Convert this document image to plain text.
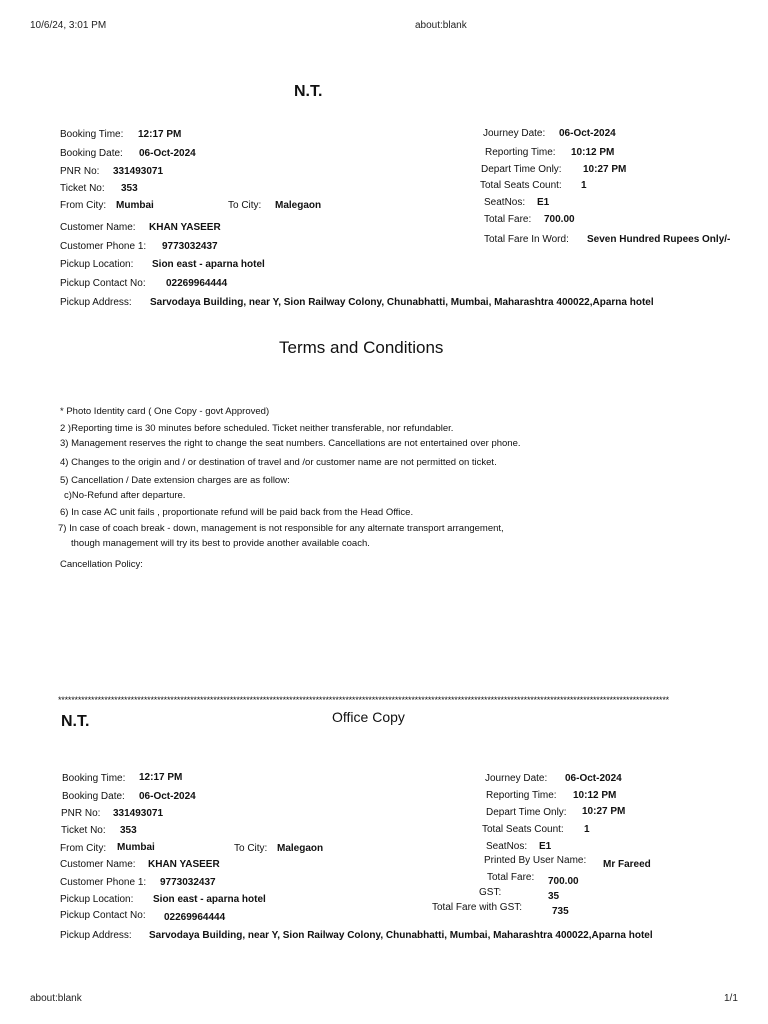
10/6/24, 3:01 PM	about:blank
about:blank	1/1
N.T.
Booking Time: 12:17 PM
Booking Date: 06-Oct-2024
PNR No: 331493071
Ticket No: 353
From City: Mumbai	To City: Malegaon
Customer Name: KHAN YASEER
Customer Phone 1: 9773032437
Pickup Location: Sion east - aparna hotel
Pickup Contact No: 02269964444
Pickup Address: Sarvodaya Building, near Y, Sion Railway Colony, Chunabhatti, Mumbai, Maharashtra 400022,Aparna hotel
Journey Date: 06-Oct-2024
Reporting Time: 10:12 PM
Depart Time Only: 10:27 PM
Total Seats Count: 1
SeatNos: E1
Total Fare: 700.00
Total Fare In Word: Seven Hundred Rupees Only/-
Terms and Conditions
* Photo Identity card ( One Copy - govt Approved)
2 )Reporting time is 30 minutes before scheduled. Ticket neither transferable, nor refundabler.
3) Management reserves the right to change the seat numbers. Cancellations are not entertained over phone.
4) Changes to the origin and / or destination of travel and /or customer name are not permitted on ticket.
5) Cancellation / Date extension charges are as follow:
c)No-Refund after departure.
6) In case AC unit fails , proportionate refund will be paid back from the Head Office.
7) In case of coach break - down, management is not responsible for any alternate transport arrangement,
though management will try its best to provide another available coach.
Cancellation Policy:
*****************************************************************************************************************************************************************************************
N.T.	Office Copy
Booking Time: 12:17 PM
Booking Date: 06-Oct-2024
PNR No: 331493071
Ticket No: 353
From City: Mumbai	To City: Malegaon
Customer Name: KHAN YASEER
Customer Phone 1: 9773032437
Pickup Location: Sion east - aparna hotel
Pickup Contact No: 02269964444
Pickup Address: Sarvodaya Building, near Y, Sion Railway Colony, Chunabhatti, Mumbai, Maharashtra 400022,Aparna hotel
Journey Date: 06-Oct-2024
Reporting Time: 10:12 PM
Depart Time Only: 10:27 PM
Total Seats Count: 1
SeatNos: E1
Printed By User Name: Mr Fareed
Total Fare: 700.00
GST:	35
Total Fare with GST:	735
